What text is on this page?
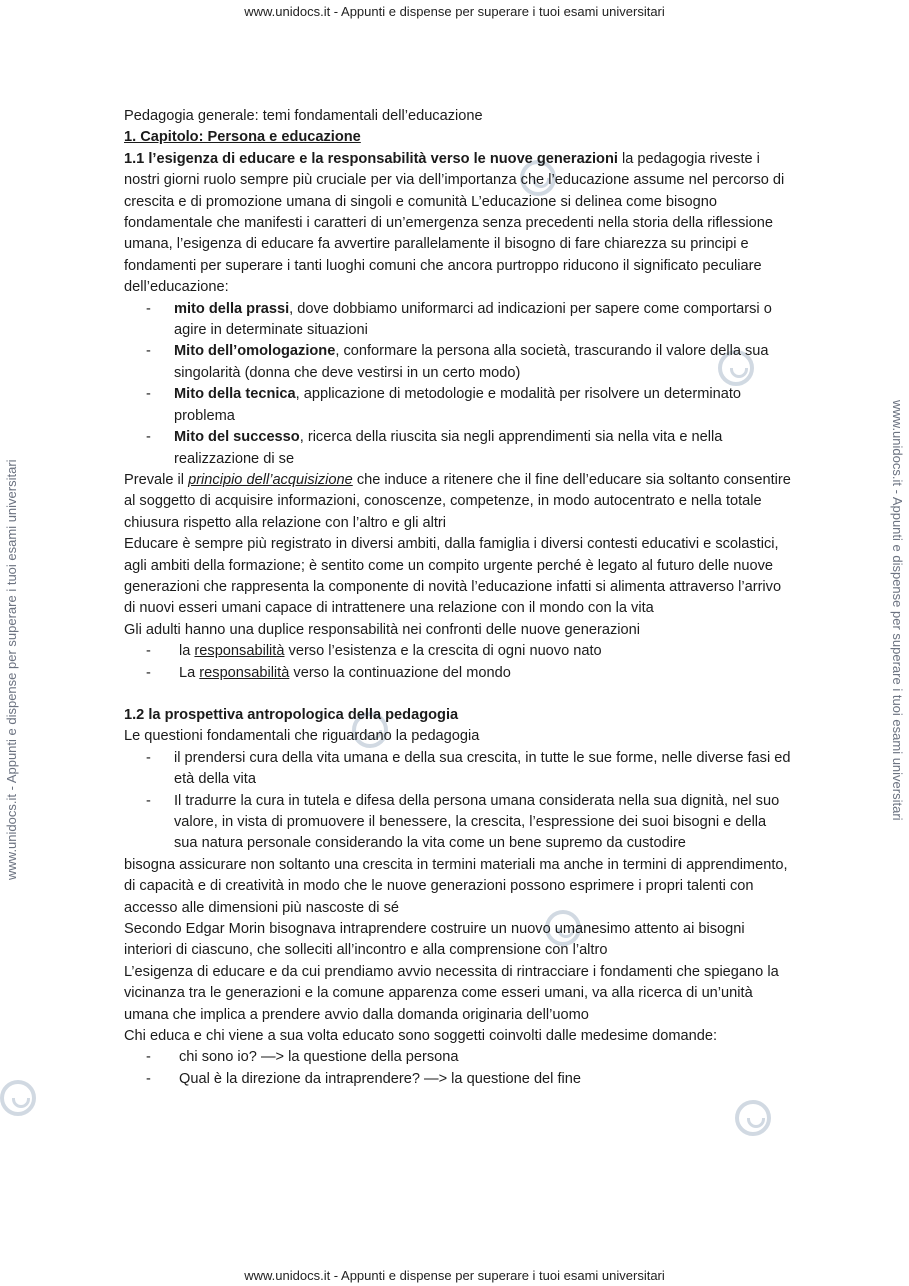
www.unidocs.it - Appunti e dispense per superare i tuoi esami universitari
www.unidocs.it - Appunti e dispense per superare i tuoi esami universitari
www.unidocs.it - Appunti e dispense per superare i tuoi esami universitari	www.unidocs.it - Appunti e dispense per superare i tuoi esami universitari

Pedagogia generale: temi fondamentali dell’educazione

1. Capitolo: Persona e educazione

1.1 l’esigenza di educare e la responsabilità verso le nuove generazioni la pedagogia riveste i nostri giorni ruolo sempre più cruciale per via dell’importanza che l’educazione assume nel percorso di crescita e di promozione umana di singoli e comunità L’educazione si delinea come bisogno fondamentale che manifesti i caratteri di un’emergenza senza precedenti nella storia della riflessione umana, l’esigenza di educare fa avvertire parallelamente il bisogno di fare chiarezza su principi e fondamenti per superare i tanti luoghi comuni che ancora purtroppo riducono il significato peculiare dell’educazione:

- mito della prassi, dove dobbiamo uniformarci ad indicazioni per sapere come comportarsi o agire in determinate situazioni
- Mito dell’omologazione, conformare la persona alla società, trascurando il valore della sua singolarità (donna che deve vestirsi in un certo modo)
- Mito della tecnica, applicazione di metodologie e modalità per risolvere un determinato problema
- Mito del successo, ricerca della riuscita sia negli apprendimenti sia nella vita e nella realizzazione di se

Prevale il principio dell’acquisizione che induce a ritenere che il fine dell’educare sia soltanto consentire al soggetto di acquisire informazioni, conoscenze, competenze, in modo autocentrato e nella totale chiusura rispetto alla relazione con l’altro e gli altri

Educare è sempre più registrato in diversi ambiti, dalla famiglia i diversi contesti educativi e scolastici, agli ambiti della formazione; è sentito come un compito urgente perché è legato al futuro delle nuove generazioni che rappresenta la componente di novità l’educazione infatti si alimenta attraverso l’arrivo di nuovi esseri umani capace di intrattenere una relazione con il mondo con la vita

Gli adulti hanno una duplice responsabilità nei confronti delle nuove generazioni

- la responsabilità verso l’esistenza e la crescita di ogni nuovo nato
- La responsabilità verso la continuazione del mondo

1.2 la prospettiva antropologica della pedagogia

Le questioni fondamentali che riguardano la pedagogia

- il prendersi cura della vita umana e della sua crescita, in tutte le sue forme, nelle diverse fasi ed età della vita
- Il tradurre la cura in tutela e difesa della persona umana considerata nella sua dignità, nel suo valore, in vista di promuovere il benessere, la crescita, l’espressione dei suoi bisogni e della sua natura personale considerando la vita come un bene supremo da custodire

bisogna assicurare non soltanto una crescita in termini materiali ma anche in termini di apprendimento, di capacità e di creatività in modo che le nuove generazioni possono esprimere i propri talenti con accesso alle dimensioni più nascoste di sé

Secondo Edgar Morin bisognava intraprendere costruire un nuovo umanesimo attento ai bisogni interiori di ciascuno, che solleciti all’incontro e alla comprensione con l’altro

L’esigenza di educare e da cui prendiamo avvio necessita di rintracciare i fondamenti che spiegano la vicinanza tra le generazioni e la comune apparenza come esseri umani, va alla ricerca di un’unità umana che implica a prendere avvio dalla domanda originaria dell’uomo

Chi educa e chi viene a sua volta educato sono soggetti coinvolti dalle medesime domande:

- chi sono io? —> la questione della persona
- Qual è la direzione da intraprendere? —> la questione del fine
